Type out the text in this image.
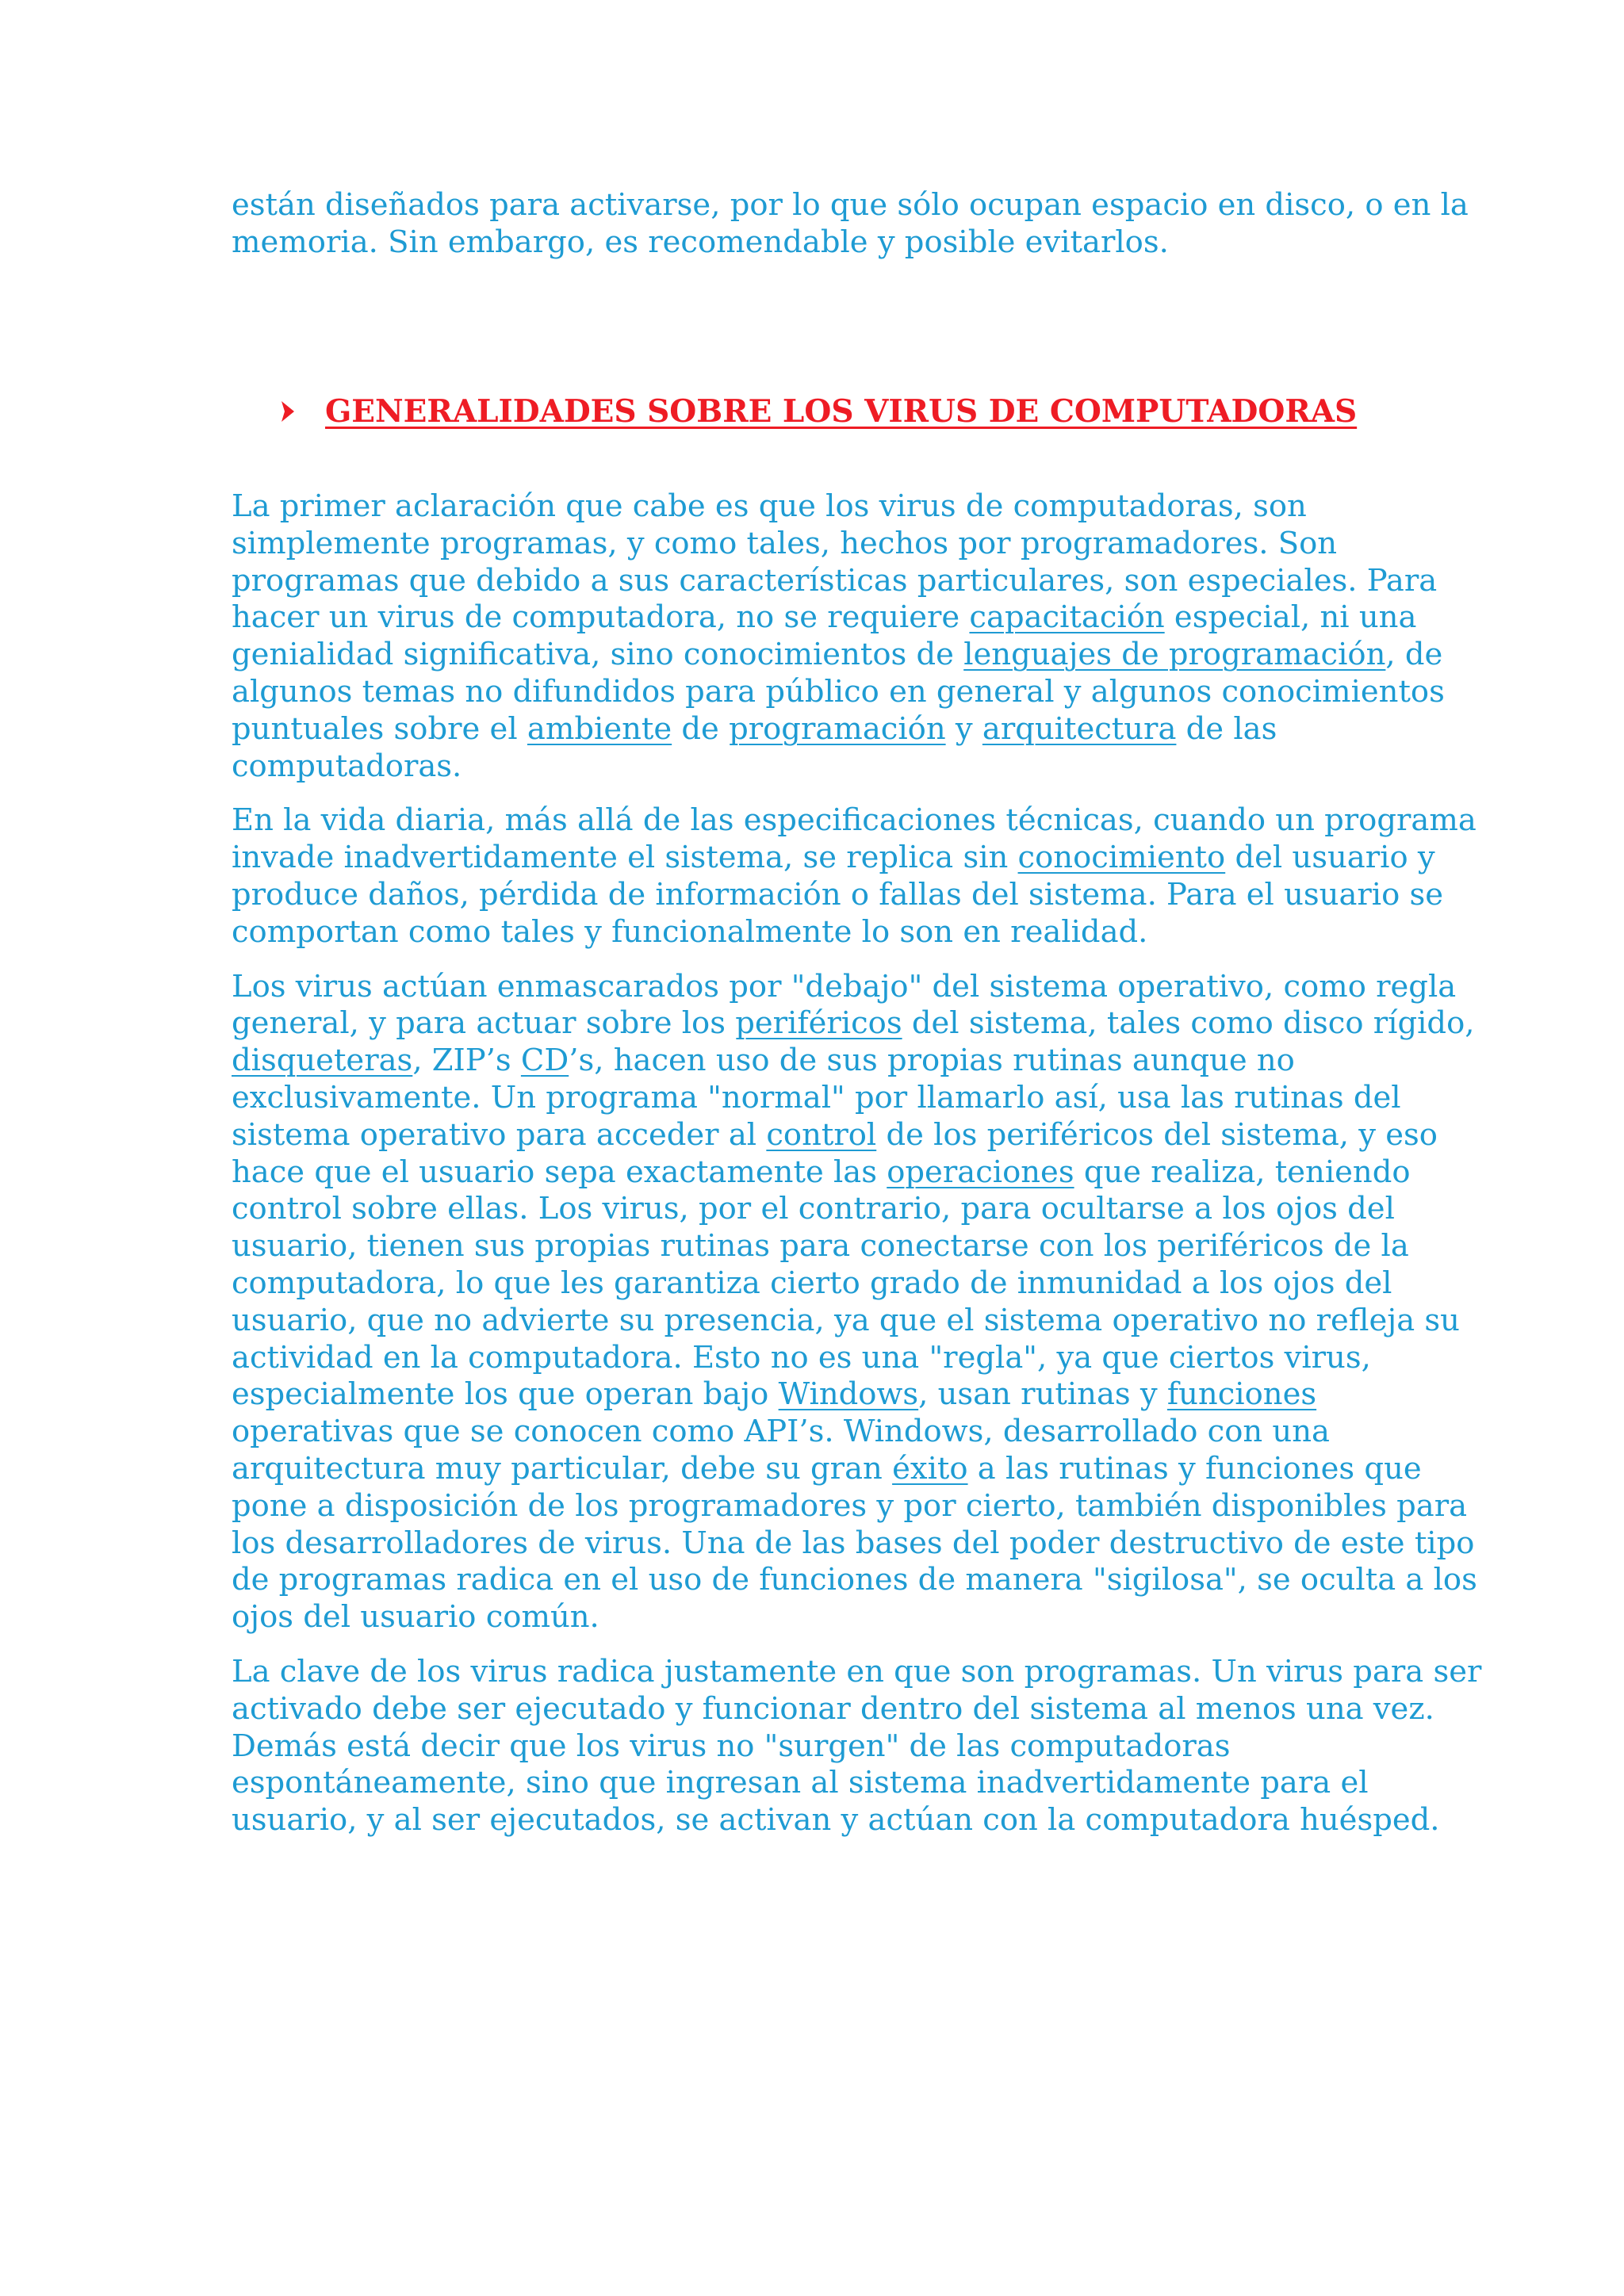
están diseñados para activarse, por lo que sólo ocupan espacio en disco, o en la
memoria. Sin embargo, es recomendable y posible evitarlos.

GENERALIDADES SOBRE LOS VIRUS DE COMPUTADORAS

La primer aclaración que cabe es que los virus de computadoras, son
simplemente programas, y como tales, hechos por programadores. Son
programas que debido a sus características particulares, son especiales. Para
hacer un virus de computadora, no se requiere capacitación especial, ni una
genialidad significativa, sino conocimientos de lenguajes de programación, de
algunos temas no difundidos para público en general y algunos conocimientos
puntuales sobre el ambiente de programación y arquitectura de las
computadoras.

En la vida diaria, más allá de las especificaciones técnicas, cuando un programa
invade inadvertidamente el sistema, se replica sin conocimiento del usuario y
produce daños, pérdida de información o fallas del sistema. Para el usuario se
comportan como tales y funcionalmente lo son en realidad.

Los virus actúan enmascarados por "debajo" del sistema operativo, como regla
general, y para actuar sobre los periféricos del sistema, tales como disco rígido,
disqueteras, ZIP’s CD’s, hacen uso de sus propias rutinas aunque no
exclusivamente. Un programa "normal" por llamarlo así, usa las rutinas del
sistema operativo para acceder al control de los periféricos del sistema, y eso
hace que el usuario sepa exactamente las operaciones que realiza, teniendo
control sobre ellas. Los virus, por el contrario, para ocultarse a los ojos del
usuario, tienen sus propias rutinas para conectarse con los periféricos de la
computadora, lo que les garantiza cierto grado de inmunidad a los ojos del
usuario, que no advierte su presencia, ya que el sistema operativo no refleja su
actividad en la computadora. Esto no es una "regla", ya que ciertos virus,
especialmente los que operan bajo Windows, usan rutinas y funciones
operativas que se conocen como API’s. Windows, desarrollado con una
arquitectura muy particular, debe su gran éxito a las rutinas y funciones que
pone a disposición de los programadores y por cierto, también disponibles para
los desarrolladores de virus. Una de las bases del poder destructivo de este tipo
de programas radica en el uso de funciones de manera "sigilosa", se oculta a los
ojos del usuario común.

La clave de los virus radica justamente en que son programas. Un virus para ser
activado debe ser ejecutado y funcionar dentro del sistema al menos una vez.
Demás está decir que los virus no "surgen" de las computadoras
espontáneamente, sino que ingresan al sistema inadvertidamente para el
usuario, y al ser ejecutados, se activan y actúan con la computadora huésped.
